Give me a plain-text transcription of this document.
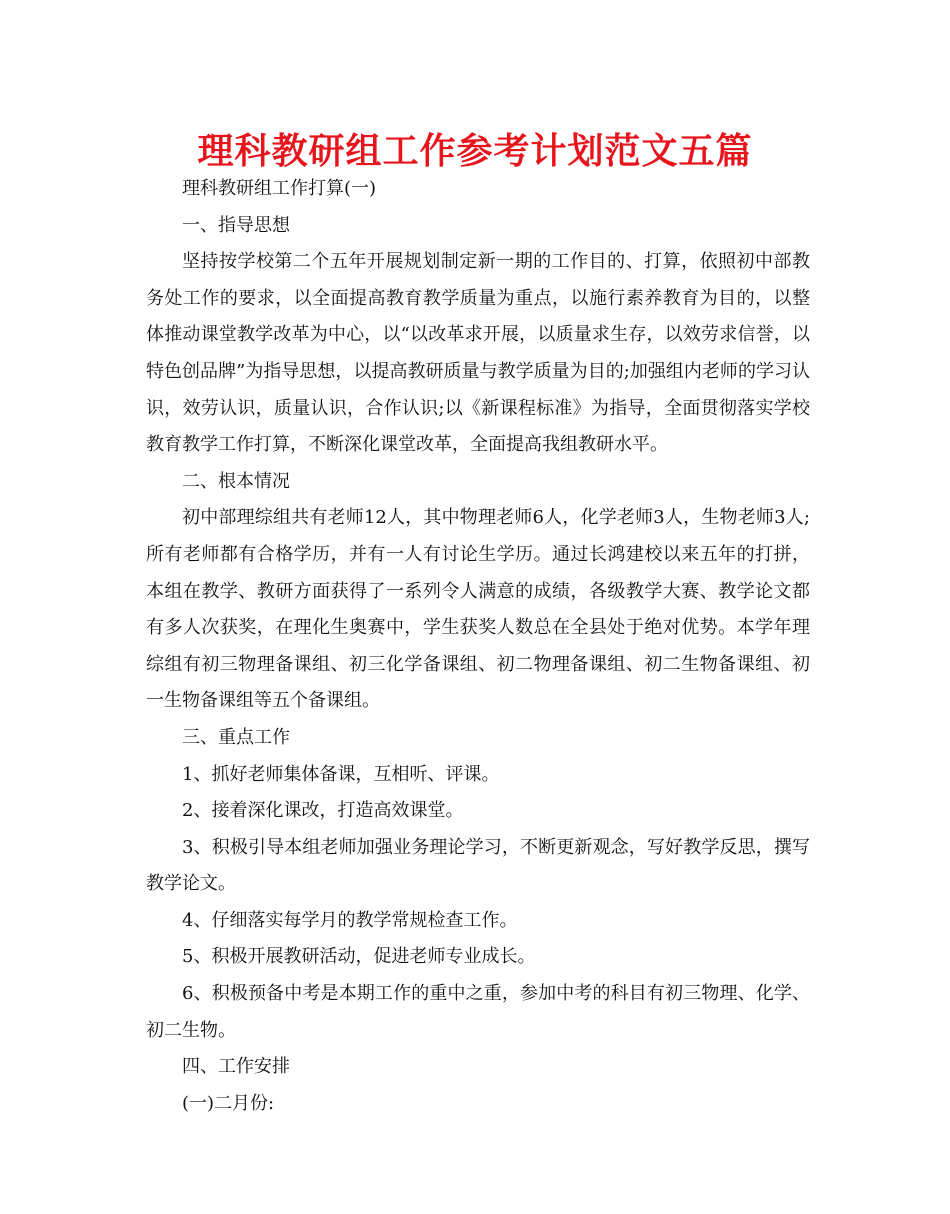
理科教研组工作参考计划范文五篇

理科教研组工作打算(一)

一、指导思想

坚持按学校第二个五年开展规划制定新一期的工作目的、打算，依照初中部教务处工作的要求，以全面提高教育教学质量为重点，以施行素养教育为目的，以整体推动课堂教学改革为中心，以“以改革求开展，以质量求生存，以效劳求信誉，以特色创品牌”为指导思想，以提高教研质量与教学质量为目的;加强组内老师的学习认识，效劳认识，质量认识，合作认识;以《新课程标准》为指导，全面贯彻落实学校教育教学工作打算，不断深化课堂改革，全面提高我组教研水平。

二、根本情况

初中部理综组共有老师12人，其中物理老师6人，化学老师3人，生物老师3人;所有老师都有合格学历，并有一人有讨论生学历。通过长鸿建校以来五年的打拼，本组在教学、教研方面获得了一系列令人满意的成绩，各级教学大赛、教学论文都有多人次获奖，在理化生奥赛中，学生获奖人数总在全县处于绝对优势。本学年理综组有初三物理备课组、初三化学备课组、初二物理备课组、初二生物备课组、初一生物备课组等五个备课组。

三、重点工作

1、抓好老师集体备课，互相听、评课。

2、接着深化课改，打造高效课堂。

3、积极引导本组老师加强业务理论学习，不断更新观念，写好教学反思，撰写教学论文。

4、仔细落实每学月的教学常规检查工作。

5、积极开展教研活动，促进老师专业成长。

6、积极预备中考是本期工作的重中之重，参加中考的科目有初三物理、化学、初二生物。

四、工作安排

(一)二月份:
